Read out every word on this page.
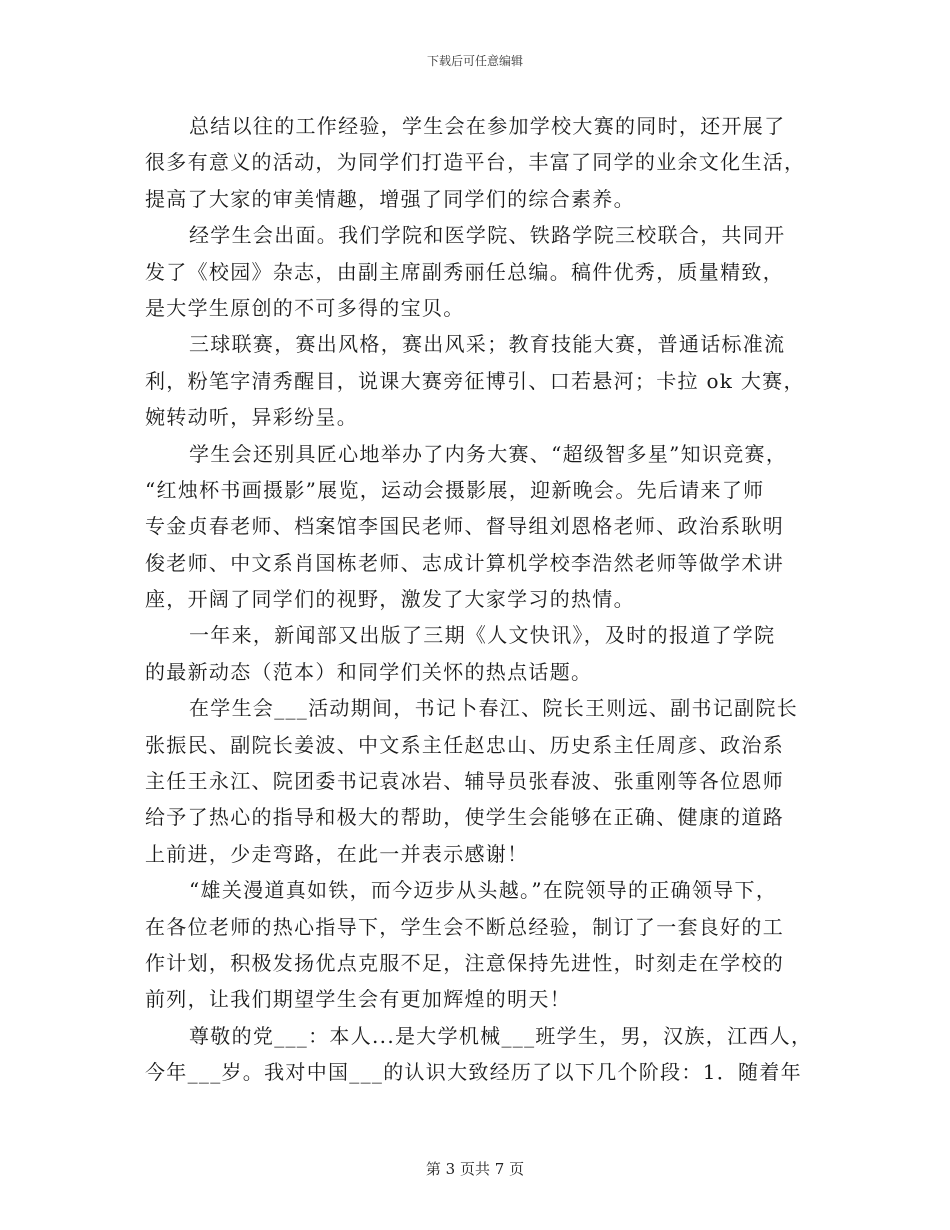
下载后可任意编辑
总结以往的工作经验，学生会在参加学校大赛的同时，还开展了
很多有意义的活动，为同学们打造平台，丰富了同学的业余文化生活，
提高了大家的审美情趣，增强了同学们的综合素养。
经学生会出面。我们学院和医学院、铁路学院三校联合，共同开
发了《校园》杂志，由副主席副秀丽任总编。稿件优秀，质量精致，
是大学生原创的不可多得的宝贝。
三球联赛，赛出风格，赛出风采；教育技能大赛，普通话标准流
利，粉笔字清秀醒目，说课大赛旁征博引、口若悬河；卡拉 ok 大赛，
婉转动听，异彩纷呈。
学生会还别具匠心地举办了内务大赛、“超级智多星”知识竞赛，
“红烛杯书画摄影”展览，运动会摄影展，迎新晚会。先后请来了师
专金贞春老师、档案馆李国民老师、督导组刘恩格老师、政治系耿明
俊老师、中文系肖国栋老师、志成计算机学校李浩然老师等做学术讲
座，开阔了同学们的视野，激发了大家学习的热情。
一年来，新闻部又出版了三期《人文快讯》，及时的报道了学院
的最新动态（范本）和同学们关怀的热点话题。
在学生会___活动期间，书记卜春江、院长王则远、副书记副院长
张振民、副院长姜波、中文系主任赵忠山、历史系主任周彦、政治系
主任王永江、院团委书记袁冰岩、辅导员张春波、张重刚等各位恩师
给予了热心的指导和极大的帮助，使学生会能够在正确、健康的道路
上前进，少走弯路，在此一并表示感谢！
“雄关漫道真如铁，而今迈步从头越。”在院领导的正确领导下，
在各位老师的热心指导下，学生会不断总经验，制订了一套良好的工
作计划，积极发扬优点克服不足，注意保持先进性，时刻走在学校的
前列，让我们期望学生会有更加辉煌的明天！
尊敬的党___：本人...是大学机械___班学生，男，汉族，江西人，
今年___岁。我对中国___的认识大致经历了以下几个阶段：1．随着年
第 3 页共 7 页
